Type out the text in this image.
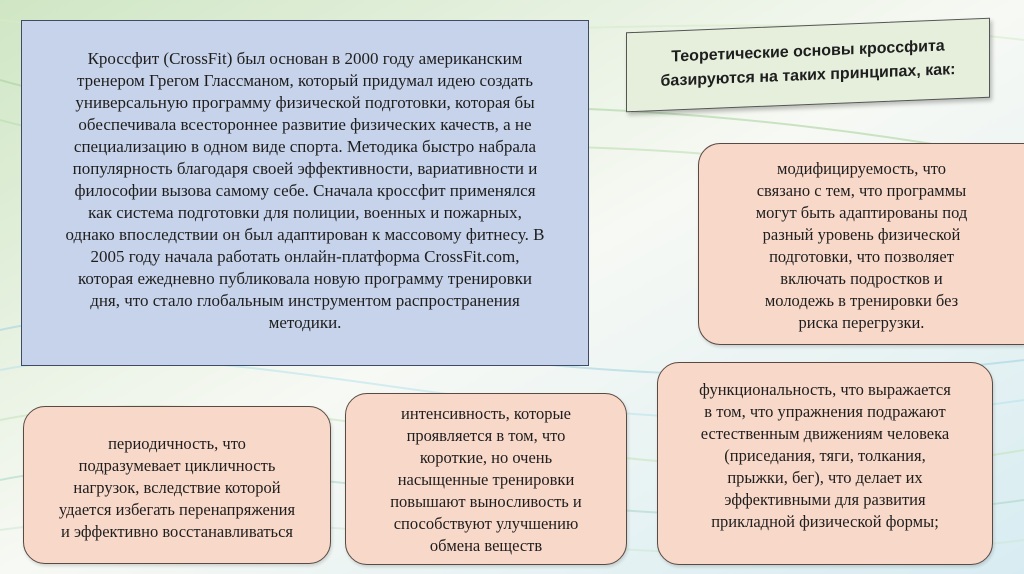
Кроссфит (CrossFit) был основан в 2000 году американским
тренером Грегом Глассманом, который придумал идею создать
универсальную программу физической подготовки, которая бы
обеспечивала всестороннее развитие физических качеств, а не
специализацию в одном виде спорта. Методика быстро набрала
популярность благодаря своей эффективности, вариативности и
философии вызова самому себе. Сначала кроссфит применялся
как система подготовки для полиции, военных и пожарных,
однако впоследствии он был адаптирован к массовому фитнесу. В
2005 году начала работать онлайн-платформа CrossFit.com,
которая ежедневно публиковала новую программу тренировки
дня, что стало глобальным инструментом распространения
методики.
Теоретические основы кроссфита
базируются на таких принципах, как:
модифицируемость, что
связано с тем, что программы
могут быть адаптированы под
разный уровень физической
подготовки, что позволяет
включать подростков и
молодежь в тренировки без
риска перегрузки.
периодичность, что
подразумевает цикличность
нагрузок, вследствие которой
удается избегать перенапряжения
и эффективно восстанавливаться
интенсивность, которые
проявляется в том, что
короткие, но очень
насыщенные тренировки
повышают выносливость и
способствуют улучшению
обмена веществ
функциональность, что выражается
в том, что упражнения подражают
естественным движениям человека
(приседания, тяги, толкания,
прыжки, бег), что делает их
эффективными для развития
прикладной физической формы;
